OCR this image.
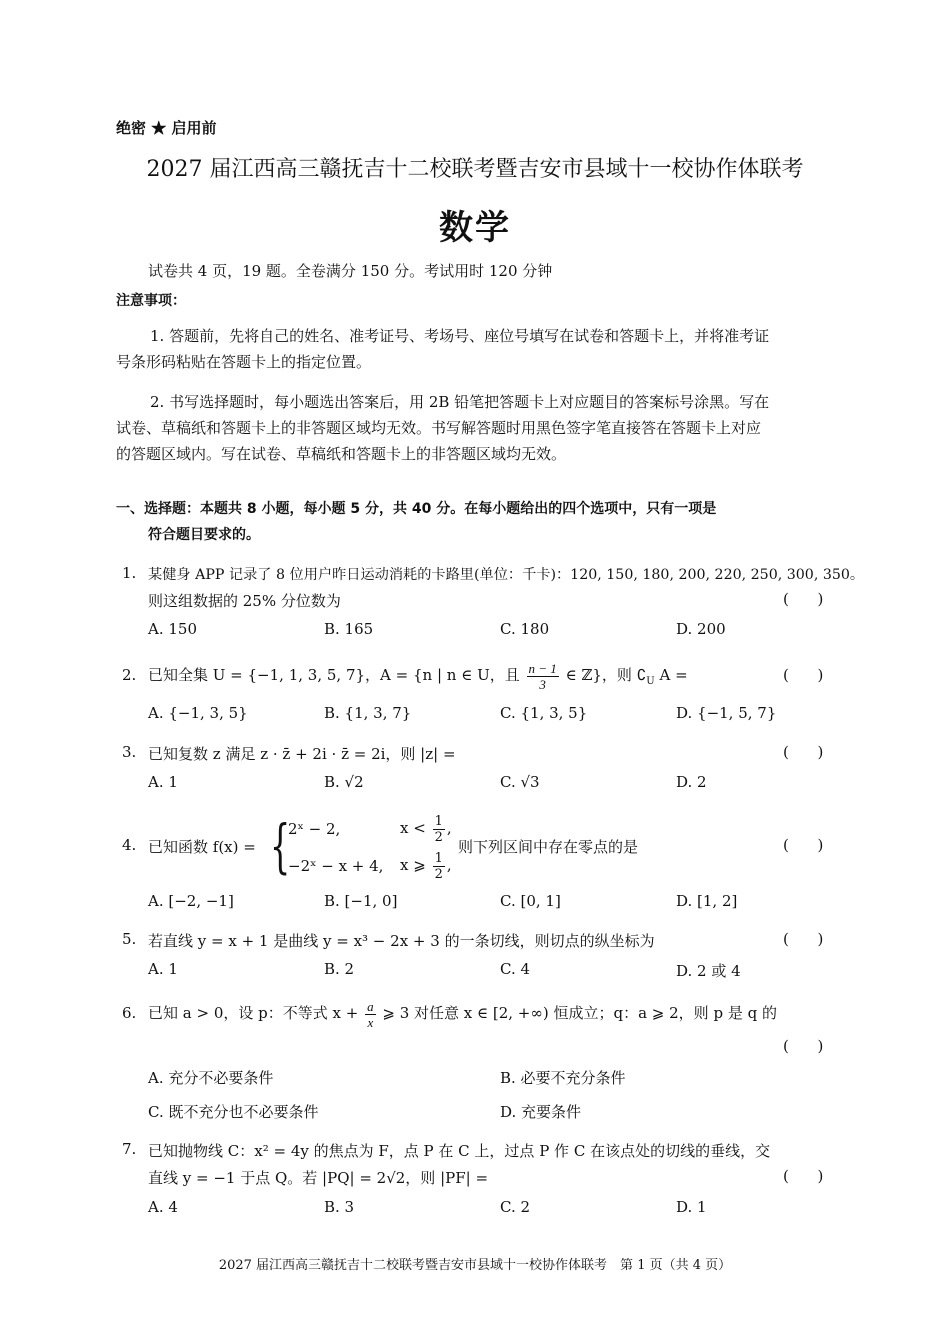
绝密 ★ 启用前
2027 届江西高三赣抚吉十二校联考暨吉安市县域十一校协作体联考
数学
试卷共 4 页，19 题。全卷满分 150 分。考试用时 120 分钟
注意事项：
1. 答题前，先将自己的姓名、准考证号、考场号、座位号填写在试卷和答题卡上，并将准考证
号条形码粘贴在答题卡上的指定位置。
2. 书写选择题时，每小题选出答案后，用 2B 铅笔把答题卡上对应题目的答案标号涂黑。写在
试卷、草稿纸和答题卡上的非答题区域均无效。书写解答题时用黑色签字笔直接答在答题卡上对应
的答题区域内。写在试卷、草稿纸和答题卡上的非答题区域均无效。
一、选择题：本题共 8 小题，每小题 5 分，共 40 分。在每小题给出的四个选项中，只有一项是
符合题目要求的。
1. 某健身 APP 记录了 8 位用户昨日运动消耗的卡路里(单位：千卡)：120, 150, 180, 200, 220, 250, 300, 350。
则这组数据的 25% 分位数为	(      )
A. 150	B. 165	C. 180	D. 200
2. 已知全集 U = {−1, 1, 3, 5, 7}，A = {n | n ∈ U，且 $\frac{n - 1}{3}$ ∈ ℤ}，则 $∁_U$ A =	(      )
A. {−1, 3, 5}	B. {1, 3, 7}	C. {1, 3, 5}	D. {−1, 5, 7}
3. 已知复数 z 满足 z · z̄ + 2i · z̄ = 2i，则 |z| =	(      )
A. 1	B. √2	C. √3	D. 2
4. 已知函数 f(x) = {
2ˣ − 2,	$x < \frac{1}{2}$ ,
−2ˣ − x + 4, x ⩾ $\frac{1}{2}$ ,
则下列区间中存在零点的是	(      )
A. [−2, −1]	B. [−1, 0]	C. [0, 1]	D. [1, 2]
5. 若直线 y = x + 1 是曲线 y = x³ − 2x + 3 的一条切线，则切点的纵坐标为	(      )
A. 1	B. 2	C. 4	D. 2 或 4
6. 已知 a > 0，设 p：不等式 $x + \frac{a}{x}$ ⩾ 3 对任意 x ∈ [2, +∞) 恒成立；q：a ⩾ 2，则 p 是 q 的
(      )
A. 充分不必要条件	B. 必要不充分条件
C. 既不充分也不必要条件	D. 充要条件
7. 已知抛物线 C：x² = 4y 的焦点为 F，点 P 在 C 上，过点 P 作 C 在该点处的切线的垂线，交
直线 y = −1 于点 Q。若 |PQ| = 2√2，则 |PF| =	(      )
A. 4	B. 3	C. 2	D. 1
2027 届江西高三赣抚吉十二校联考暨吉安市县域十一校协作体联考　第 1 页（共 4 页）
